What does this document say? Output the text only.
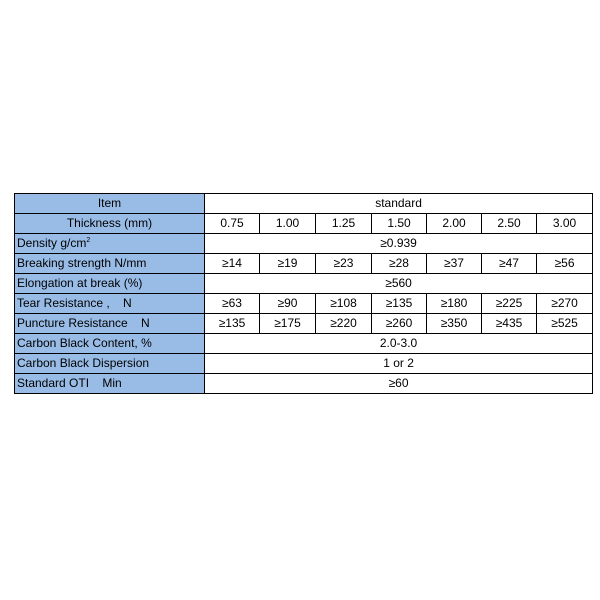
Item	standard						
Thickness (mm)	0.75	1.00	1.25	1.50	2.00	2.50	3.00
Density $g/cm^2$	≥0.939						
Breaking strength N/mm	≥14	≥19	≥23	≥28	≥37	≥47	≥56
Elongation at break (%)	≥560						
Tear Resistance ,    N	≥63	≥90	≥108	≥135	≥180	≥225	≥270
Puncture Resistance    N	≥135	≥175	≥220	≥260	≥350	≥435	≥525
Carbon Black Content, %	2.0-3.0						
Carbon Black Dispersion	1 or 2						
Standard OTI    Min	≥60						
